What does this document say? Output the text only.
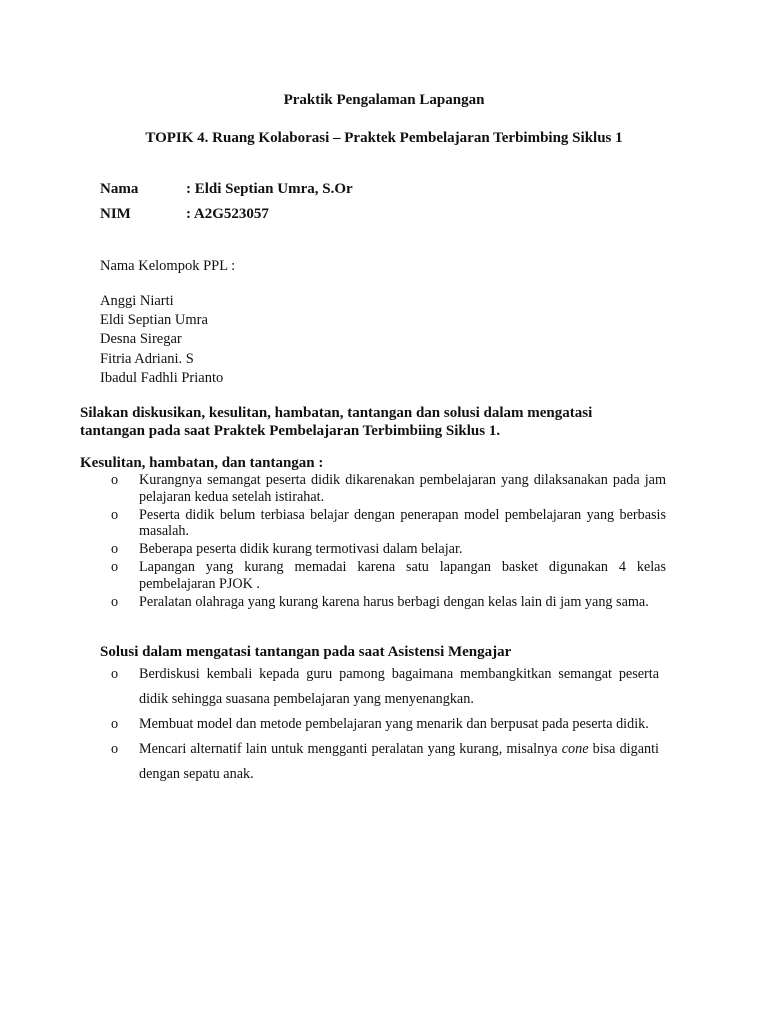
Praktik Pengalaman Lapangan
TOPIK 4. Ruang Kolaborasi – Praktek Pembelajaran Terbimbing Siklus 1
Nama	: Eldi Septian Umra, S.Or
NIM	: A2G523057
Nama Kelompok PPL :
Anggi Niarti
Eldi Septian Umra
Desna Siregar
Fitria Adriani. S
Ibadul Fadhli Prianto
Silakan diskusikan, kesulitan, hambatan, tantangan dan solusi dalam mengatasi
tantangan pada saat Praktek Pembelajaran Terbimbiing Siklus 1.
Kesulitan, hambatan, dan tantangan :
o Kurangnya semangat peserta didik dikarenakan pembelajaran yang dilaksanakan pada jam pelajaran kedua setelah istirahat.
o Peserta didik belum terbiasa belajar dengan penerapan model pembelajaran yang berbasis masalah.
o Beberapa peserta didik kurang termotivasi dalam belajar.
o Lapangan yang kurang memadai karena satu lapangan basket digunakan 4 kelas pembelajaran PJOK .
o Peralatan olahraga yang kurang karena harus berbagi dengan kelas lain di jam yang sama.
Solusi dalam mengatasi tantangan pada saat Asistensi Mengajar
o Berdiskusi kembali kepada guru pamong bagaimana membangkitkan semangat peserta didik sehingga suasana pembelajaran yang menyenangkan.
o Membuat model dan metode pembelajaran yang menarik dan berpusat pada peserta didik.
o Mencari alternatif lain untuk mengganti peralatan yang kurang, misalnya cone bisa diganti dengan sepatu anak.
